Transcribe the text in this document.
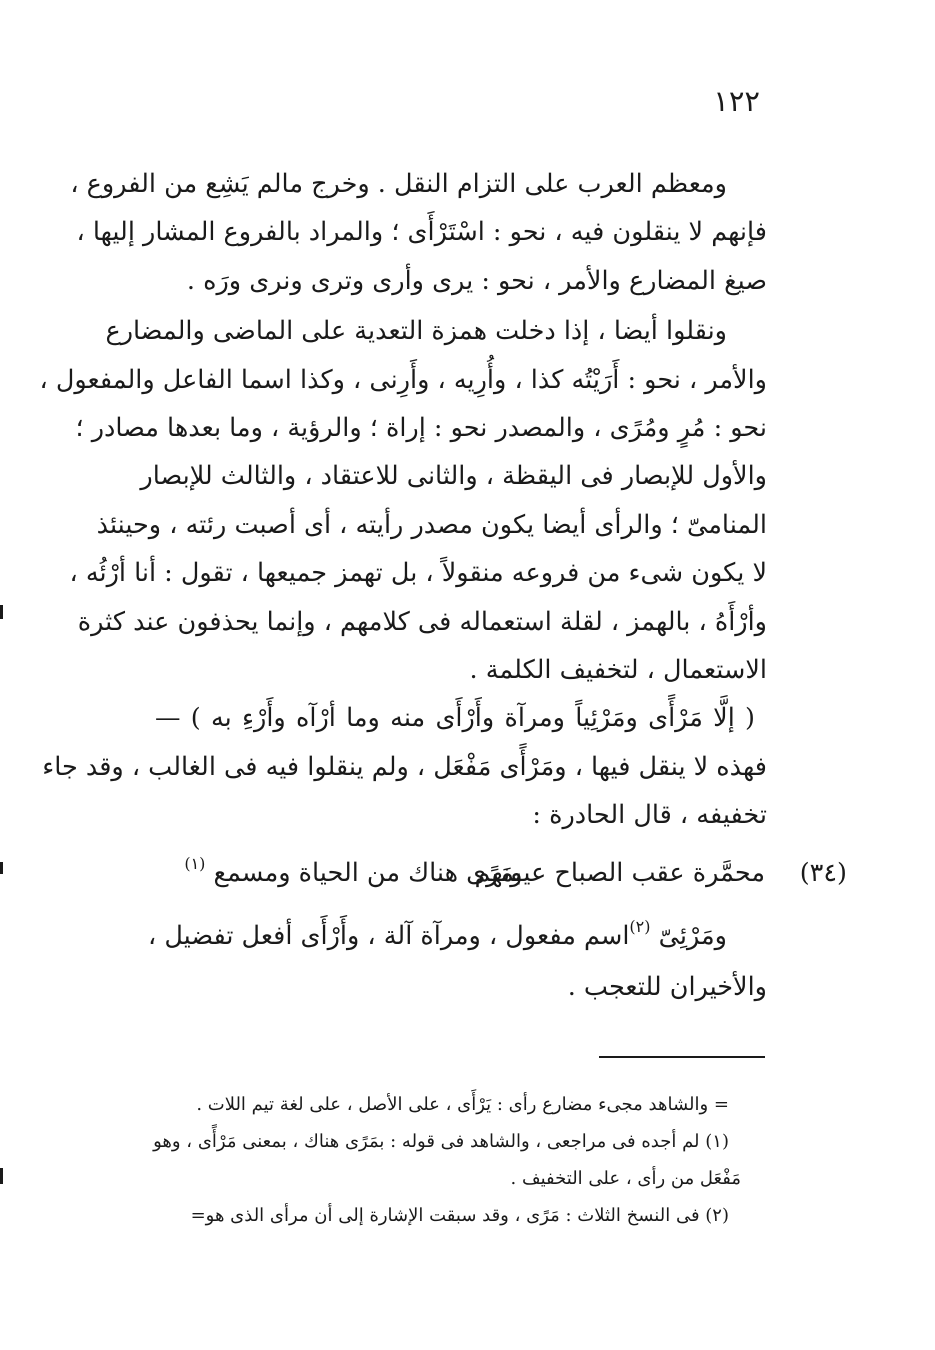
١٢٢
ومعظم العرب على التزام النقل . وخرج مالم يَشِع من الفروع ،
فإنهم لا ينقلون فيه ، نحو : اسْتَرْأَى ؛ والمراد بالفروع المشار إليها ،
صيغ المضارع والأمر ، نحو : يرى وأرى وترى ونرى ورَه .
ونقلوا أيضا ، إذا دخلت همزة التعدية على الماضى والمضارع
والأمر ، نحو : أَرَيْتُه كذا ، وأُرِيه ، وأَرِنى ، وكذا اسما الفاعل والمفعول ،
نحو : مُرٍ ومُرًى ، والمصدر نحو : إراة ؛ والرؤية ، وما بعدها مصادر ؛
والأول للإبصار فى اليقظة ، والثانى للاعتقاد ، والثالث للإبصار
المنامىّ ؛ والرأى أيضا يكون مصدر رأيته ، أى أصبت رئته ، وحينئذ
لا يكون شىء من فروعه منقولاً ، بل تهمز جميعها ، تقول : أنا أرْئُه ،
وأرْأَهُ ، بالهمز ، لقلة استعماله فى كلامهم ، وإنما يحذفون عند كثرة
الاستعمال ، لتخفيف الكلمة .
( إلَّا مَرْأًى ومَرْئِياً ومرآة وأَرْأَى منه وما أرْآه وأَرْءِ به ) —
فهذه لا ينقل فيها ، ومَرْأًى مَفْعَل ، ولم ينقلوا فيه فى الغالب ، وقد جاء
تخفيفه ، قال الحادرة :
(٣٤)
محمَّرة عقب الصباح عيونهم
بمَرًى هناك من الحياة ومسمع $^{(١)}$
ومَرْئِىّ $^{(٢)}$اسم مفعول ، ومرآة آلة ، وأَرْأَى أفعل تفضيل ،
والأخيران للتعجب .
= والشاهد مجىء مضارع رأى : يَرْأَى ، على الأصل ، على لغة تيم اللات .
(١) لم أجده فى مراجعى ، والشاهد فى قوله : بمَرًى هناك ، بمعنى مَرْأًى ، وهو
مَفْعَل من رأى ، على التخفيف .
(٢) فى النسخ الثلاث : مَرًى ، وقد سبقت الإشارة إلى أن مرأى الذى هو=
